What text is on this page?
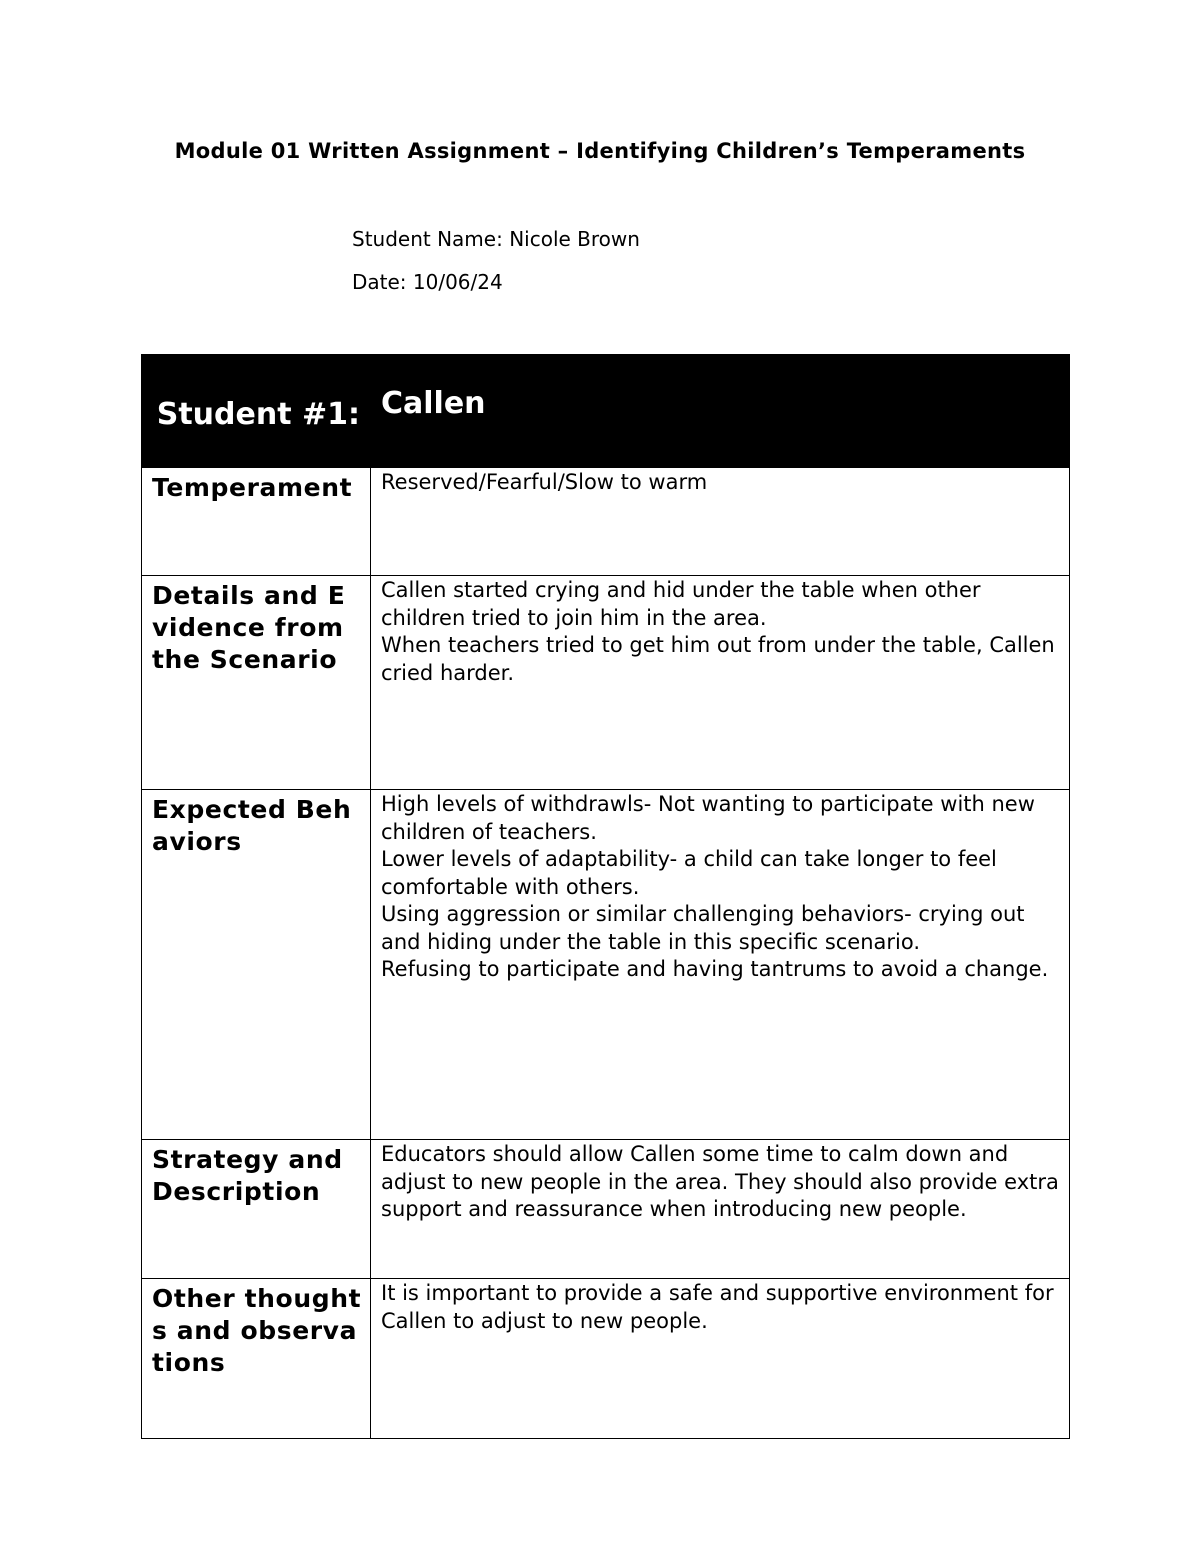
Module 01 Written Assignment – Identifying Children’s Temperaments
Student Name: Nicole Brown
Date: 10/06/24
Student #1:	Callen
Temperament	Reserved/Fearful/Slow to warm

Details and Evidence from the Scenario	Callen started crying and hid under the table when other children tried to join him in the area.
When teachers tried to get him out from under the table, Callen cried harder.

Expected Behaviors	High levels of withdrawls- Not wanting to participate with new children of teachers.
Lower levels of adaptability- a child can take longer to feel comfortable with others.
Using aggression or similar challenging behaviors- crying out and hiding under the table in this specific scenario.
Refusing to participate and having tantrums to avoid a change.

Strategy and Description	Educators should allow Callen some time to calm down and adjust to new people in the area. They should also provide extra support and reassurance when introducing new people.

Other thoughts and observations	It is important to provide a safe and supportive environment for Callen to adjust to new people.
